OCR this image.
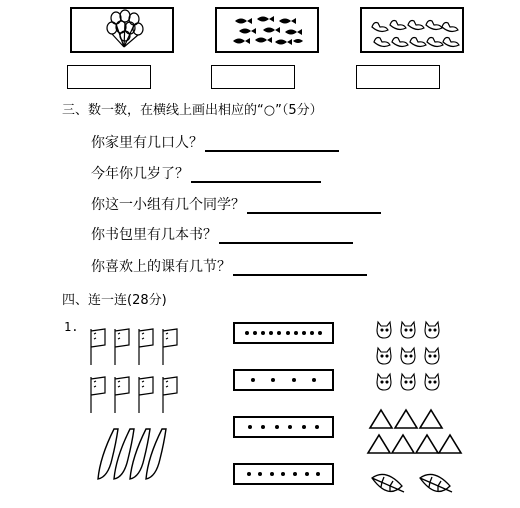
三、数一数，在横线上画出相应的“○”（5分）
你家里有几口人？
今年你几岁了？
你这一小组有几个同学？
你书包里有几本书？
你喜欢上的课有几节？
四、连一连(28分)
1.
